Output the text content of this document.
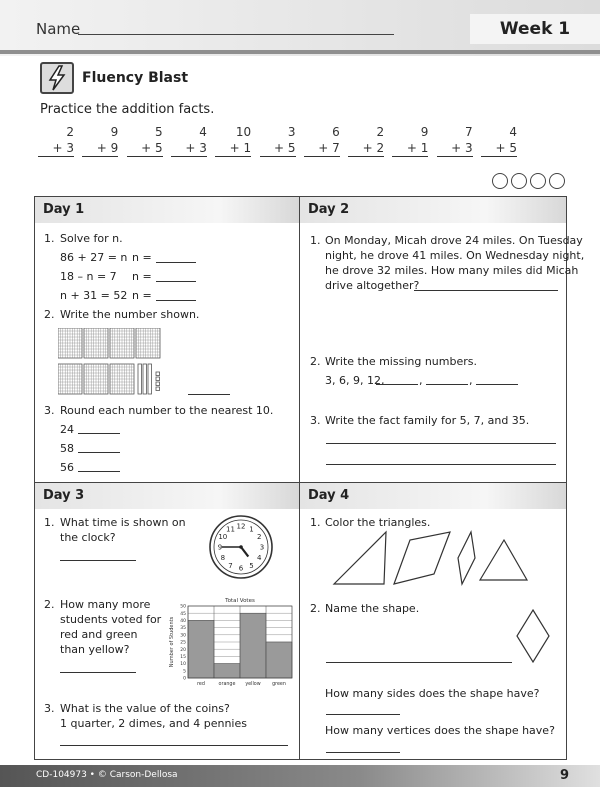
Name	Week 1
Fluency Blast
Practice the addition facts.
2
+ 3
9
+ 9
5
+ 5
4
+ 3
10
+ 1
3
+ 5
6
+ 7
2
+ 2
9
+ 1
7
+ 3
4
+ 5
Day 1
1. Solve for n.
86 + 27 = n n =
18 – n = 7 n =
n + 31 = 52 n =
2. Write the number shown.
3. Round each number to the nearest 10.
24
58
56
Day 2
1. On Monday, Micah drove 24 miles. On Tuesday
night, he drove 41 miles. On Wednesday night,
he drove 32 miles. How many miles did Micah
drive altogether?
2. Write the missing numbers.
3, 6, 9, 12,	,	,
3. Write the fact family for 5, 7, and 35.
Day 3
1. What time is shown on
the clock?
1
2
3
4
5
6
7
8
9
10
11 12
2. How many more
students voted for
red and green
than yellow?
Total Votes
0
5
10
15
20
25
30
35
40
45
50
Number of Students
red	orange yellow green
3. What is the value of the coins?
1 quarter, 2 dimes, and 4 pennies
Day 4
1. Color the triangles.
2. Name the shape.
How many sides does the shape have?
How many vertices does the shape have?
CD-104973 • © Carson-Dellosa	9
